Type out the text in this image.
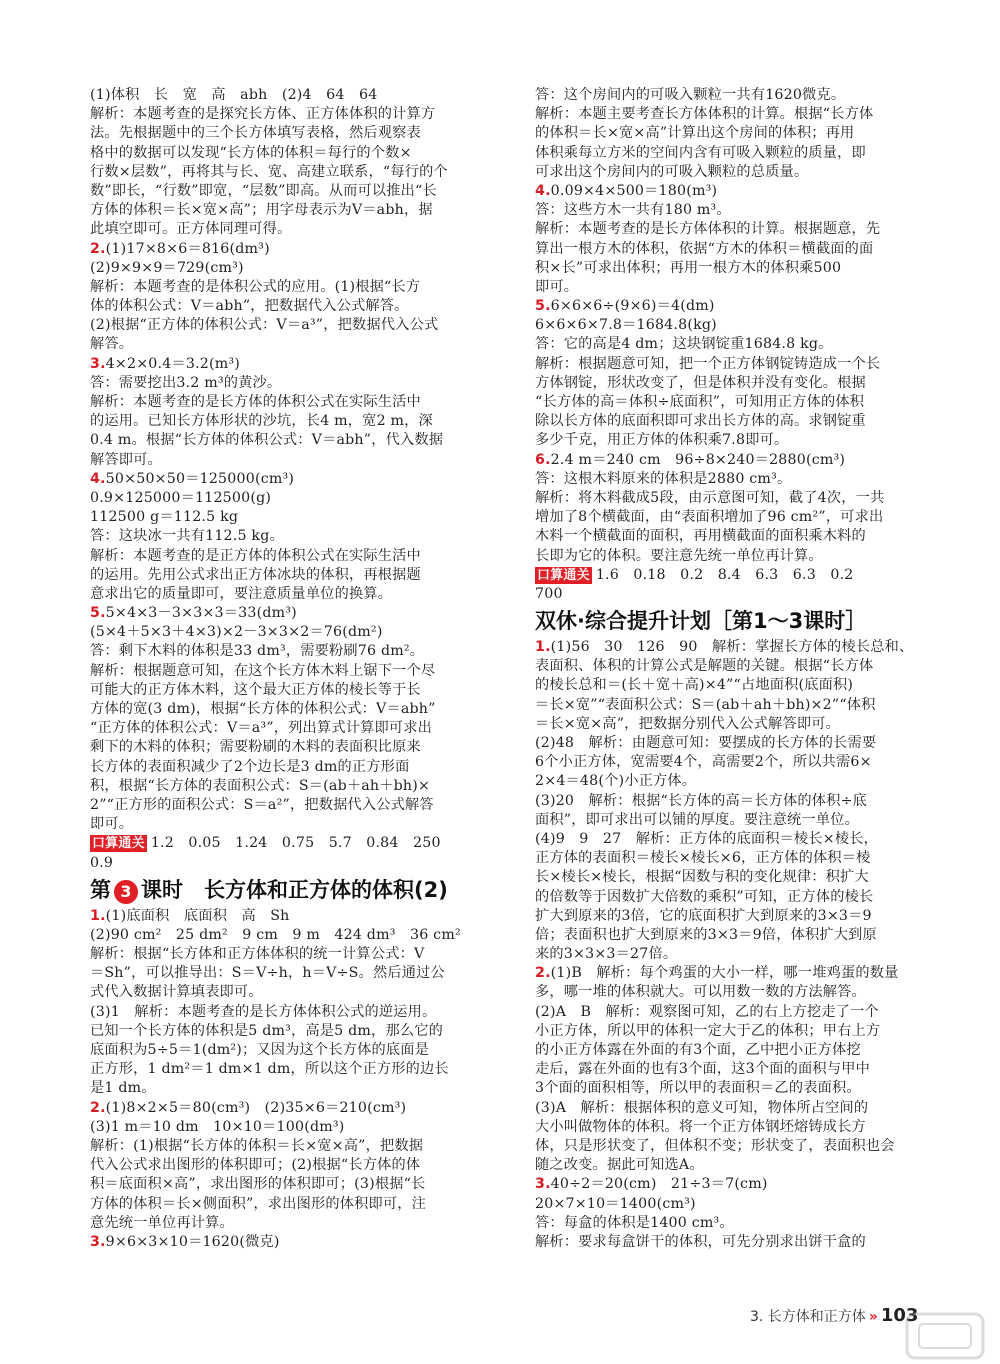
(1)体积　长　宽　高　abh　(2)4　64　64
解析：本题考查的是探究长方体、正方体体积的计算方
法。先根据题中的三个长方体填写表格，然后观察表
格中的数据可以发现“长方体的体积＝每行的个数×
行数×层数”，再将其与长、宽、高建立联系，“每行的个
数”即长，“行数”即宽，“层数”即高。从而可以推出“长
方体的体积＝长×宽×高”；用字母表示为V＝abh，据
此填空即可。正方体同理可得。
2.(1)17×8×6＝816(dm³)
(2)9×9×9＝729(cm³)
解析：本题考查的是体积公式的应用。(1)根据“长方
体的体积公式：V＝abh”，把数据代入公式解答。
(2)根据“正方体的体积公式：V＝a³”，把数据代入公式
解答。
3.4×2×0.4＝3.2(m³)
答：需要挖出3.2 m³的黄沙。
解析：本题考查的是长方体的体积公式在实际生活中
的运用。已知长方体形状的沙坑，长4 m，宽2 m，深
0.4 m。根据“长方体的体积公式：V＝abh”，代入数据
解答即可。
4.50×50×50＝125000(cm³)
0.9×125000＝112500(g)
112500 g＝112.5 kg
答：这块冰一共有112.5 kg。
解析：本题考查的是正方体的体积公式在实际生活中
的运用。先用公式求出正方体冰块的体积，再根据题
意求出它的质量即可，要注意质量单位的换算。
5.5×4×3－3×3×3＝33(dm³)
(5×4＋5×3＋4×3)×2－3×3×2＝76(dm²)
答：剩下木料的体积是33 dm³，需要粉刷76 dm²。
解析：根据题意可知，在这个长方体木料上锯下一个尽
可能大的正方体木料，这个最大正方体的棱长等于长
方体的宽(3 dm)，根据“长方体的体积公式：V＝abh”
“正方体的体积公式：V＝a³”，列出算式计算即可求出
剩下的木料的体积；需要粉刷的木料的表面积比原来
长方体的表面积减少了2个边长是3 dm的正方形面
积，根据“长方体的表面积公式：S＝(ab＋ah＋bh)×
2”“正方形的面积公式：S＝a²”，把数据代入公式解答
即可。
口算通关 1.2　0.05　1.24　0.75　5.7　0.84　250
0.9
第 3 课时　长方体和正方体的体积(2)
1.(1)底面积　底面积　高　Sh
(2)90 cm²　25 dm²　9 cm　9 m　424 dm³　36 cm²
解析：根据“长方体和正方体体积的统一计算公式：V
＝Sh”，可以推导出：S＝V÷h，h＝V÷S。然后通过公
式代入数据计算填表即可。
(3)1　解析：本题考查的是长方体体积公式的逆运用。
已知一个长方体的体积是5 dm³，高是5 dm，那么它的
底面积为5÷5＝1(dm²)；又因为这个长方体的底面是
正方形，1 dm²＝1 dm×1 dm，所以这个正方形的边长
是1 dm。
2.(1)8×2×5＝80(cm³)　(2)35×6＝210(cm³)
(3)1 m＝10 dm　10×10＝100(dm³)
解析：(1)根据“长方体的体积＝长×宽×高”，把数据
代入公式求出图形的体积即可；(2)根据“长方体的体
积＝底面积×高”，求出图形的体积即可；(3)根据“长
方体的体积＝长×侧面积”，求出图形的体积即可，注
意先统一单位再计算。
3.9×6×3×10＝1620(微克)
答：这个房间内的可吸入颗粒一共有1620微克。
解析：本题主要考查长方体体积的计算。根据“长方体
的体积＝长×宽×高”计算出这个房间的体积；再用
体积乘每立方米的空间内含有可吸入颗粒的质量，即
可求出这个房间内的可吸入颗粒的总质量。
4.0.09×4×500＝180(m³)
答：这些方木一共有180 m³。
解析：本题考查的是长方体体积的计算。根据题意，先
算出一根方木的体积，依据“方木的体积＝横截面的面
积×长”可求出体积；再用一根方木的体积乘500
即可。
5.6×6×6÷(9×6)＝4(dm)
6×6×6×7.8＝1684.8(kg)
答：它的高是4 dm；这块钢锭重1684.8 kg。
解析：根据题意可知，把一个正方体钢锭铸造成一个长
方体钢锭，形状改变了，但是体积并没有变化。根据
“长方体的高＝体积÷底面积”，可知用正方体的体积
除以长方体的底面积即可求出长方体的高。求钢锭重
多少千克，用正方体的体积乘7.8即可。
6.2.4 m＝240 cm　96÷8×240＝2880(cm³)
答：这根木料原来的体积是2880 cm³。
解析：将木料截成5段，由示意图可知，截了4次，一共
增加了8个横截面，由“表面积增加了96 cm²”，可求出
木料一个横截面的面积，再用横截面的面积乘木料的
长即为它的体积。要注意先统一单位再计算。
口算通关 1.6　0.18　0.2　8.4　6.3　6.3　0.2
700
双休·综合提升计划［第1～3课时］
1.(1)56　30　126　90　解析：掌握长方体的棱长总和、
表面积、体积的计算公式是解题的关键。根据“长方体
的棱长总和＝(长＋宽＋高)×4”“占地面积(底面积)
＝长×宽”“表面积公式：S＝(ab＋ah＋bh)×2”“体积
＝长×宽×高”，把数据分别代入公式解答即可。
(2)48　解析：由题意可知：要摆成的长方体的长需要
6个小正方体，宽需要4个，高需要2个，所以共需6×
2×4＝48(个)小正方体。
(3)20　解析：根据“长方体的高＝长方体的体积÷底
面积”，即可求出可以铺的厚度。要注意统一单位。
(4)9　9　27　解析：正方体的底面积＝棱长×棱长，
正方体的表面积＝棱长×棱长×6，正方体的体积＝棱
长×棱长×棱长，根据“因数与积的变化规律：积扩大
的倍数等于因数扩大倍数的乘积”可知，正方体的棱长
扩大到原来的3倍，它的底面积扩大到原来的3×3＝9
倍；表面积也扩大到原来的3×3＝9倍，体积扩大到原
来的3×3×3＝27倍。
2.(1)B　解析：每个鸡蛋的大小一样，哪一堆鸡蛋的数量
多，哪一堆的体积就大。可以用数一数的方法解答。
(2)A　B　解析：观察图可知，乙的右上方挖走了一个
小正方体，所以甲的体积一定大于乙的体积；甲右上方
的小正方体露在外面的有3个面，乙中把小正方体挖
走后，露在外面的也有3个面，这3个面的面积与甲中
3个面的面积相等，所以甲的表面积＝乙的表面积。
(3)A　解析：根据体积的意义可知，物体所占空间的
大小叫做物体的体积。将一个正方体钢坯熔铸成长方
体，只是形状变了，但体积不变；形状变了，表面积也会
随之改变。据此可知选A。
3.40÷2＝20(cm)　21÷3＝7(cm)
20×7×10＝1400(cm³)
答：每盒的体积是1400 cm³。
解析：要求每盒饼干的体积，可先分别求出饼干盒的
3. 长方体和正方体 » 103
